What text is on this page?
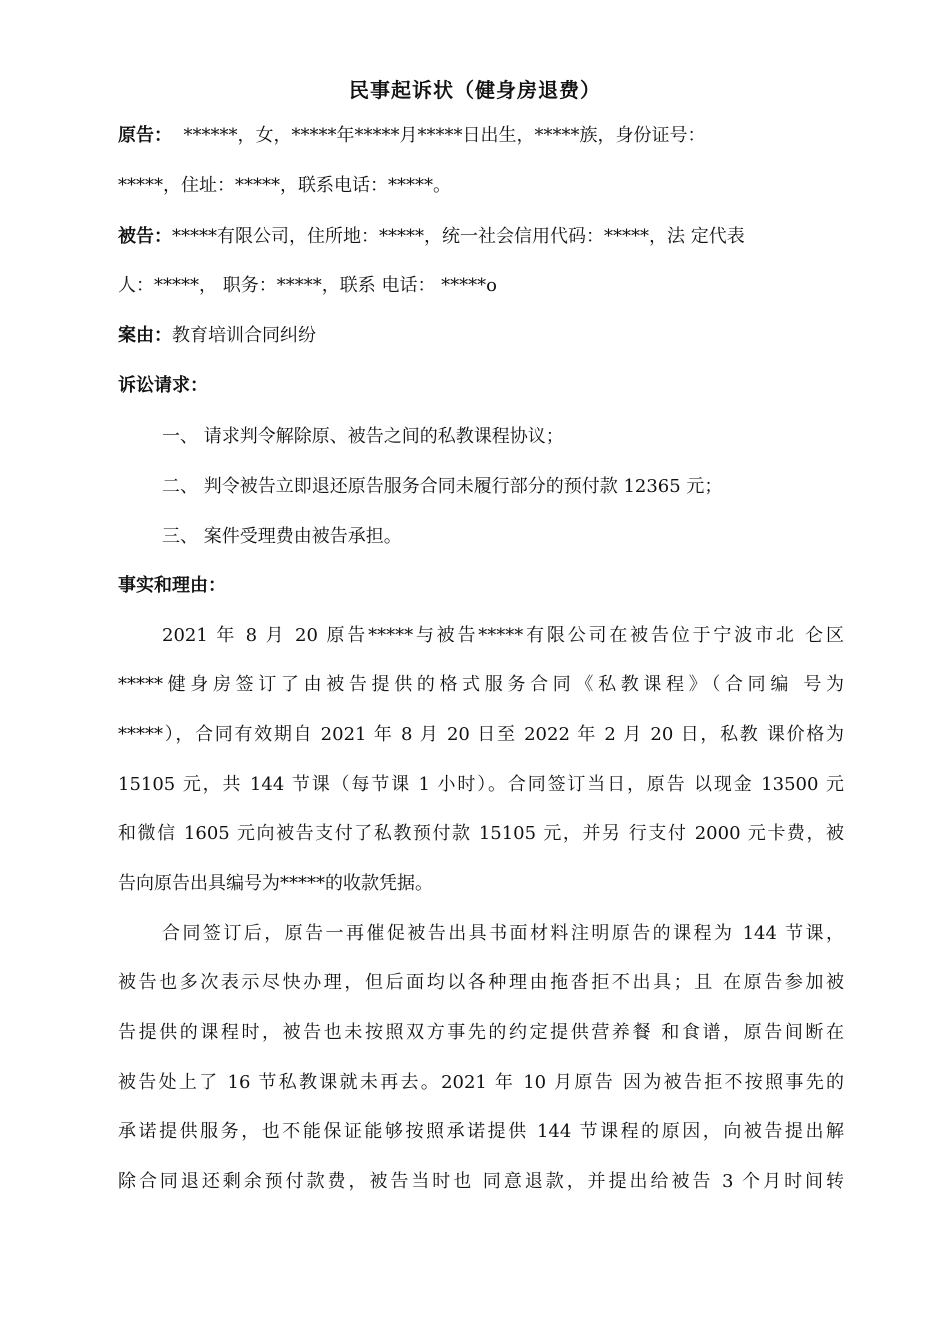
民事起诉状（健身房退费）
原告： ******，女，*****年*****月*****日出生，*****族，身份证号：
*****，住址：*****，联系电话：*****。
被告：*****有限公司，住所地：*****，统一社会信用代码：*****，法 定代表
人：*****， 职务：*****，联系 电话： *****o
案由：教育培训合同纠纷
诉讼请求：
一、 请求判令解除原、被告之间的私教课程协议；
二、 判令被告立即退还原告服务合同未履行部分的预付款 12365 元；
三、 案件受理费由被告承担。
事实和理由：
2021 年 8 月 20 原告*****与被告*****有限公司在被告位于宁波市北 仑区
*****健身房签订了由被告提供的格式服务合同《私教课程》（合同编 号为
*****），合同有效期自 2021 年 8 月 20 日至 2022 年 2 月 20 日，私教 课价格为
15105 元，共 144 节课（每节课 1 小时）。合同签订当日，原告 以现金 13500 元
和微信 1605 元向被告支付了私教预付款 15105 元，并另 行支付 2000 元卡费，被
告向原告出具编号为*****的收款凭据。
合同签订后，原告一再催促被告出具书面材料注明原告的课程为 144 节课，
被告也多次表示尽快办理，但后面均以各种理由拖沓拒不出具；且 在原告参加被
告提供的课程时，被告也未按照双方事先的约定提供营养餐 和食谱，原告间断在
被告处上了 16 节私教课就未再去。2021 年 10 月原告 因为被告拒不按照事先的
承诺提供服务，也不能保证能够按照承诺提供 144 节课程的原因，向被告提出解
除合同退还剩余预付款费，被告当时也 同意退款，并提出给被告 3 个月时间转
